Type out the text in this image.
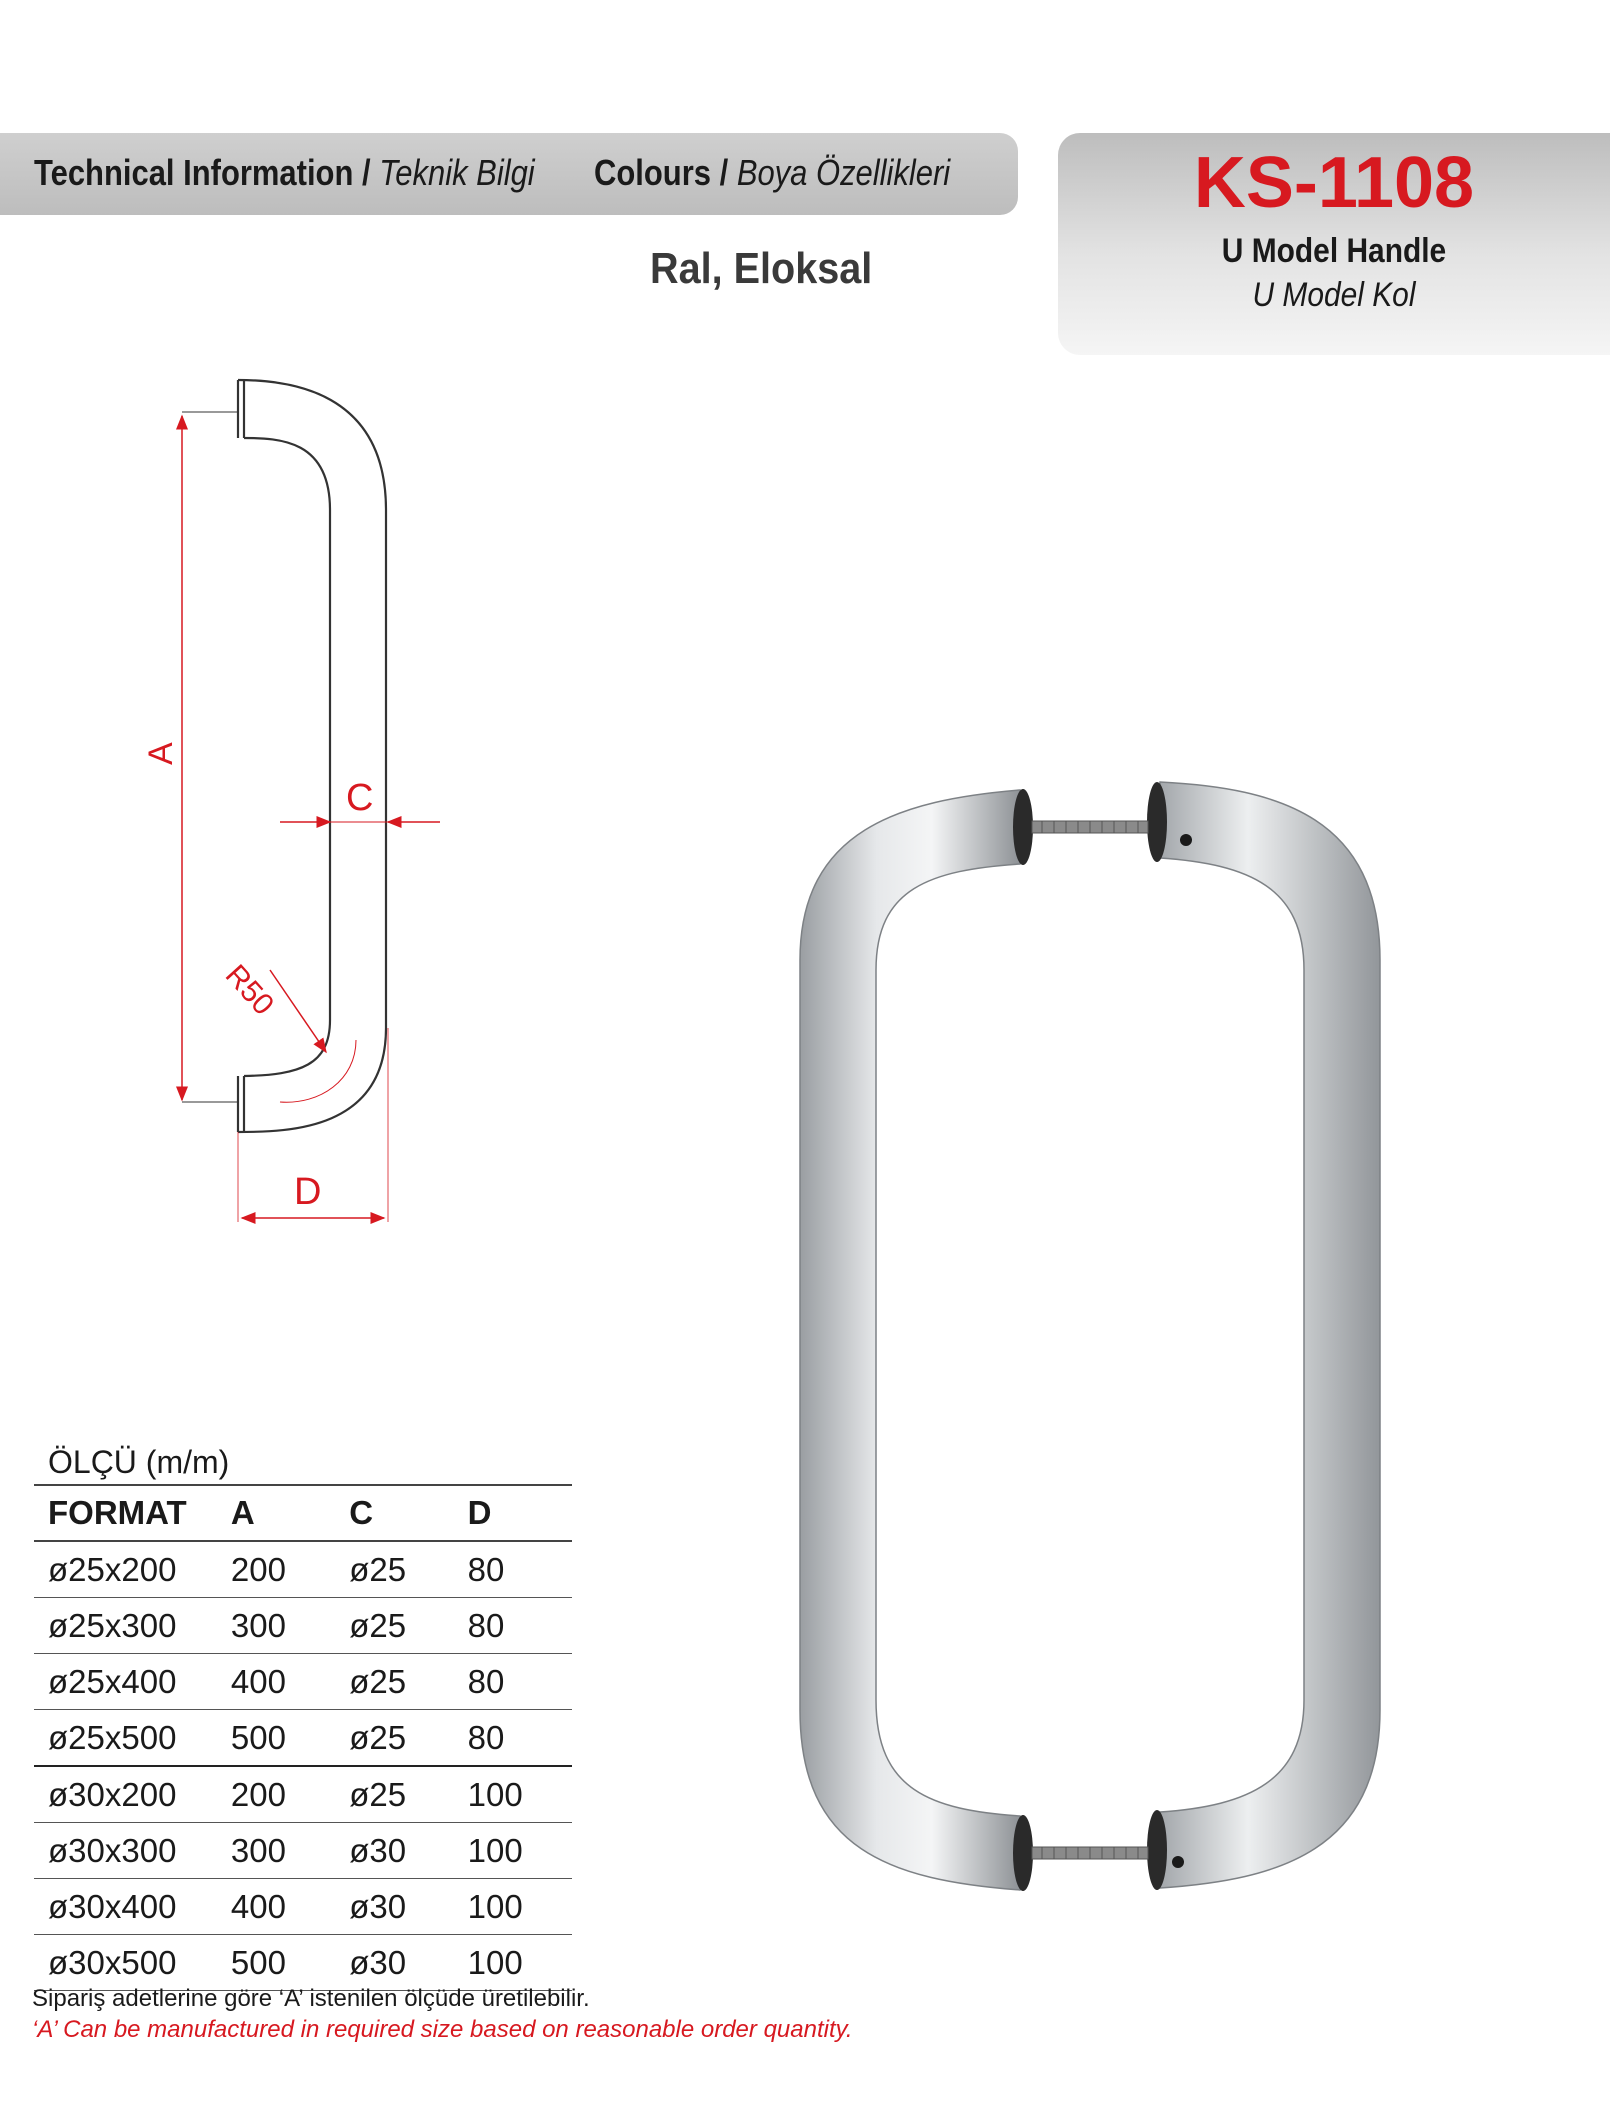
Technical Information / Teknik Bilgi Colours / Boya Özellikleri
Ral, Eloksal
KS-1108
U Model Handle
U Model Kol
A
C
R50
D
ÖLÇÜ (m/m)
FORMAT	A	C	D
ø25x200	200	ø25	80
ø25x300	300	ø25	80
ø25x400	400	ø25	80
ø25x500	500	ø25	80
ø30x200	200	ø25	100
ø30x300	300	ø30	100
ø30x400	400	ø30	100
ø30x500	500	ø30	100
Sipariş adetlerine göre ‘A’ istenilen ölçüde üretilebilir.
‘A’ Can be manufactured in required size based on reasonable order quantity.
